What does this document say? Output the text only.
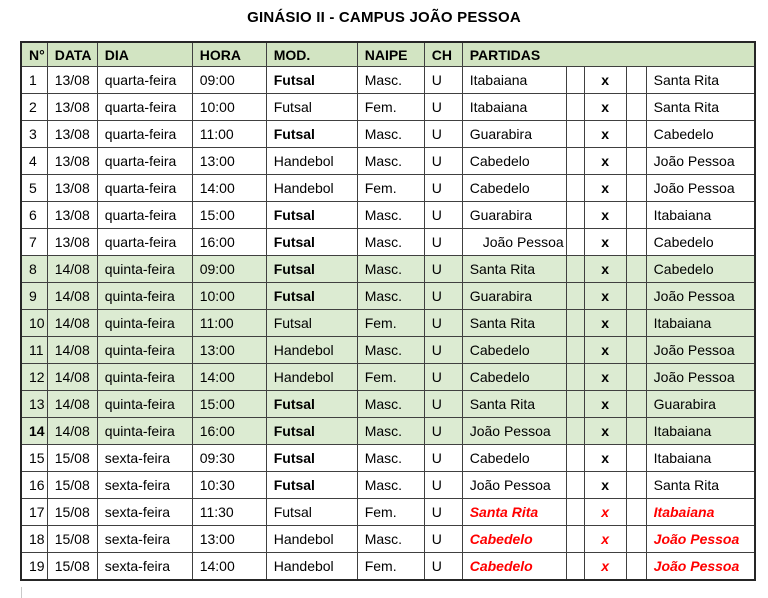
GINÁSIO II - CAMPUS JOÃO PESSOA
N°	DATA	DIA	HORA	MOD.	NAIPE	CH	PARTIDAS				
1	13/08	quarta-feira	09:00	Futsal	Masc.	U	Itabaiana		x		Santa Rita
2	13/08	quarta-feira	10:00	Futsal	Fem.	U	Itabaiana		x		Santa Rita
3	13/08	quarta-feira	11:00	Futsal	Masc.	U	Guarabira		x		Cabedelo
4	13/08	quarta-feira	13:00	Handebol	Masc.	U	Cabedelo		x		João Pessoa
5	13/08	quarta-feira	14:00	Handebol	Fem.	U	Cabedelo		x		João Pessoa
6	13/08	quarta-feira	15:00	Futsal	Masc.	U	Guarabira		x		Itabaiana
7	13/08	quarta-feira	16:00	Futsal	Masc.	U	João Pessoa		x		Cabedelo
8	14/08	quinta-feira	09:00	Futsal	Masc.	U	Santa Rita		x		Cabedelo
9	14/08	quinta-feira	10:00	Futsal	Masc.	U	Guarabira		x		João Pessoa
10	14/08	quinta-feira	11:00	Futsal	Fem.	U	Santa Rita		x		Itabaiana
11	14/08	quinta-feira	13:00	Handebol	Masc.	U	Cabedelo		x		João Pessoa
12	14/08	quinta-feira	14:00	Handebol	Fem.	U	Cabedelo		x		João Pessoa
13	14/08	quinta-feira	15:00	Futsal	Masc.	U	Santa Rita		x		Guarabira
14	14/08	quinta-feira	16:00	Futsal	Masc.	U	João Pessoa		x		Itabaiana
15	15/08	sexta-feira	09:30	Futsal	Masc.	U	Cabedelo		x		Itabaiana
16	15/08	sexta-feira	10:30	Futsal	Masc.	U	João Pessoa		x		Santa Rita
17	15/08	sexta-feira	11:30	Futsal	Fem.	U	Santa Rita		x		Itabaiana
18	15/08	sexta-feira	13:00	Handebol	Masc.	U	Cabedelo		x		João Pessoa
19	15/08	sexta-feira	14:00	Handebol	Fem.	U	Cabedelo		x		João Pessoa
